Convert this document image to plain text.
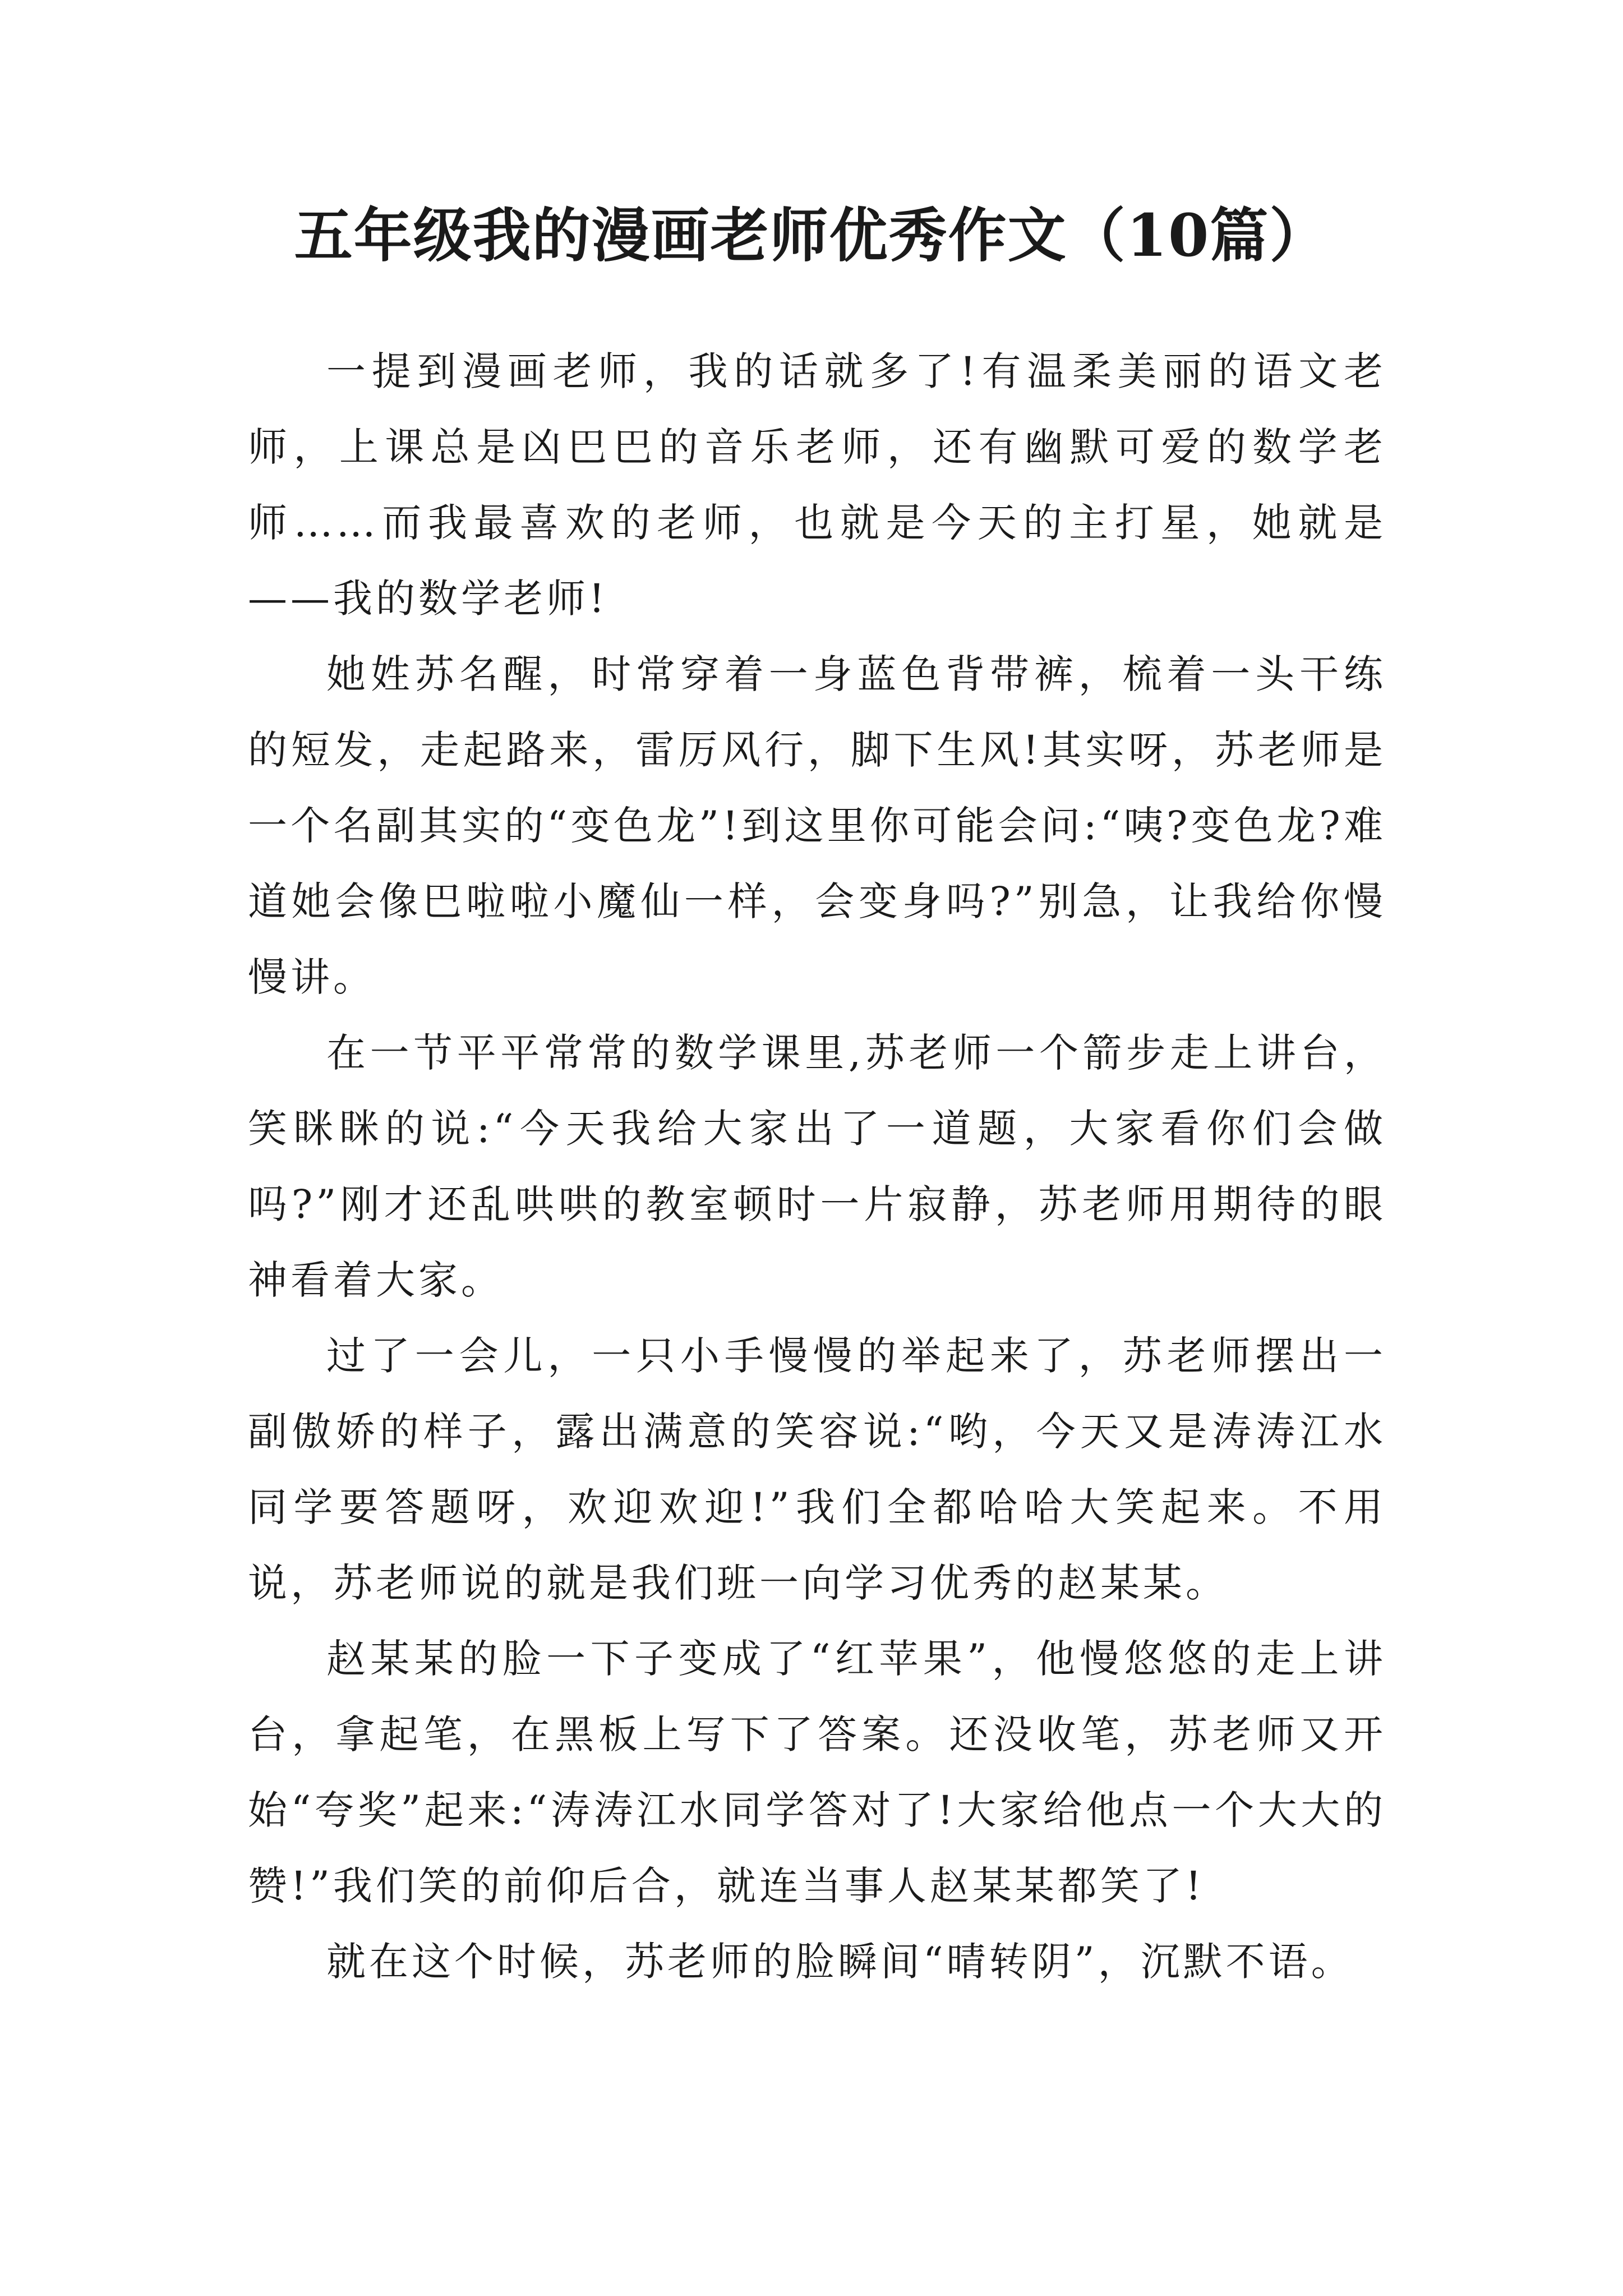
五年级我的漫画老师优秀作文（10篇）

一提到漫画老师，我的话就多了!有温柔美丽的语文老师，上课总是凶巴巴的音乐老师，还有幽默可爱的数学老师……而我最喜欢的老师，也就是今天的主打星，她就是——我的数学老师!

她姓苏名醒，时常穿着一身蓝色背带裤，梳着一头干练的短发，走起路来，雷厉风行，脚下生风!其实呀，苏老师是一个名副其实的“变色龙”!到这里你可能会问:“咦?变色龙?难道她会像巴啦啦小魔仙一样，会变身吗?”别急，让我给你慢慢讲。

在一节平平常常的数学课里,苏老师一个箭步走上讲台，笑眯眯的说:“今天我给大家出了一道题，大家看你们会做吗?”刚才还乱哄哄的教室顿时一片寂静，苏老师用期待的眼神看着大家。

过了一会儿，一只小手慢慢的举起来了，苏老师摆出一副傲娇的样子，露出满意的笑容说:“哟，今天又是涛涛江水同学要答题呀，欢迎欢迎!”我们全都哈哈大笑起来。不用说，苏老师说的就是我们班一向学习优秀的赵某某。

赵某某的脸一下子变成了“红苹果”，他慢悠悠的走上讲台，拿起笔，在黑板上写下了答案。还没收笔，苏老师又开始“夸奖”起来:“涛涛江水同学答对了!大家给他点一个大大的赞!”我们笑的前仰后合，就连当事人赵某某都笑了!

就在这个时候，苏老师的脸瞬间“晴转阴”，沉默不语。
